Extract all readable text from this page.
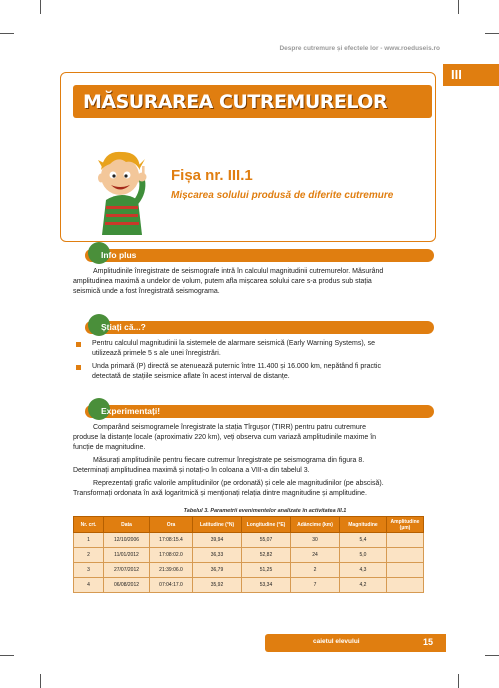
Despre cutremure și efectele lor - www.roeduseis.ro
III
MĂSURAREA CUTREMURELOR
Fișa nr. III.1
Mișcarea solului produsă de diferite cutremure
Info plus
Amplitudinile înregistrate de seismografe intră în calculul magnitudinii cutremurelor. Măsurând
amplitudinea maximă a undelor de volum, putem afla mișcarea solului care s-a produs sub stația
seismică unde a fost înregistrată seismograma.
Știați că...?
Pentru calculul magnitudinii la sistemele de alarmare seismică (Early Warning Systems), se
utilizează primele 5 s ale unei înregistrări.
Unda primară (P) directă se atenuează puternic între 11.400 și 16.000 km, nepătând fi practic
detectată de stațiile seismice aflate în acest interval de distanțe.
Experimentați!
Comparând seismogramele înregistrate la stația Tîrgușor (TIRR) pentru patru cutremure
produse la distanțe locale (aproximativ 220 km), veți observa cum variază amplitudinile maxime în
funcție de magnitudine.
Măsurați amplitudinile pentru fiecare cutremur înregistrate pe seismograma din figura 8.
Determinați amplitudinea maximă și notați-o în coloana a VIII-a din tabelul 3.
Reprezentați grafic valorile amplitudinilor (pe ordonată) și cele ale magnitudinilor (pe abscisă).
Transformați ordonata în axă logaritmică și menționați relația dintre magnitudine și amplitudine.
Tabelul 3. Parametrii evenimentelor analizate în activitatea III.1
Nr. crt.	Data	Ora	Latitudine (°N)	Longitudine (°E)	Adâncime (km)	Magnitudine	Amplitudine (µm)
1	12/10/2006	17:08:15.4	39,94	55,07	30	5,4	
2	11/01/2012	17:08:02.0	36,33	52,82	24	5,0	
3	27/07/2012	21:39:06.0	36,79	51,25	2	4,3	
4	06/08/2012	07:04:17.0	35,92	53,34	7	4,2	
caietul elevului	15
